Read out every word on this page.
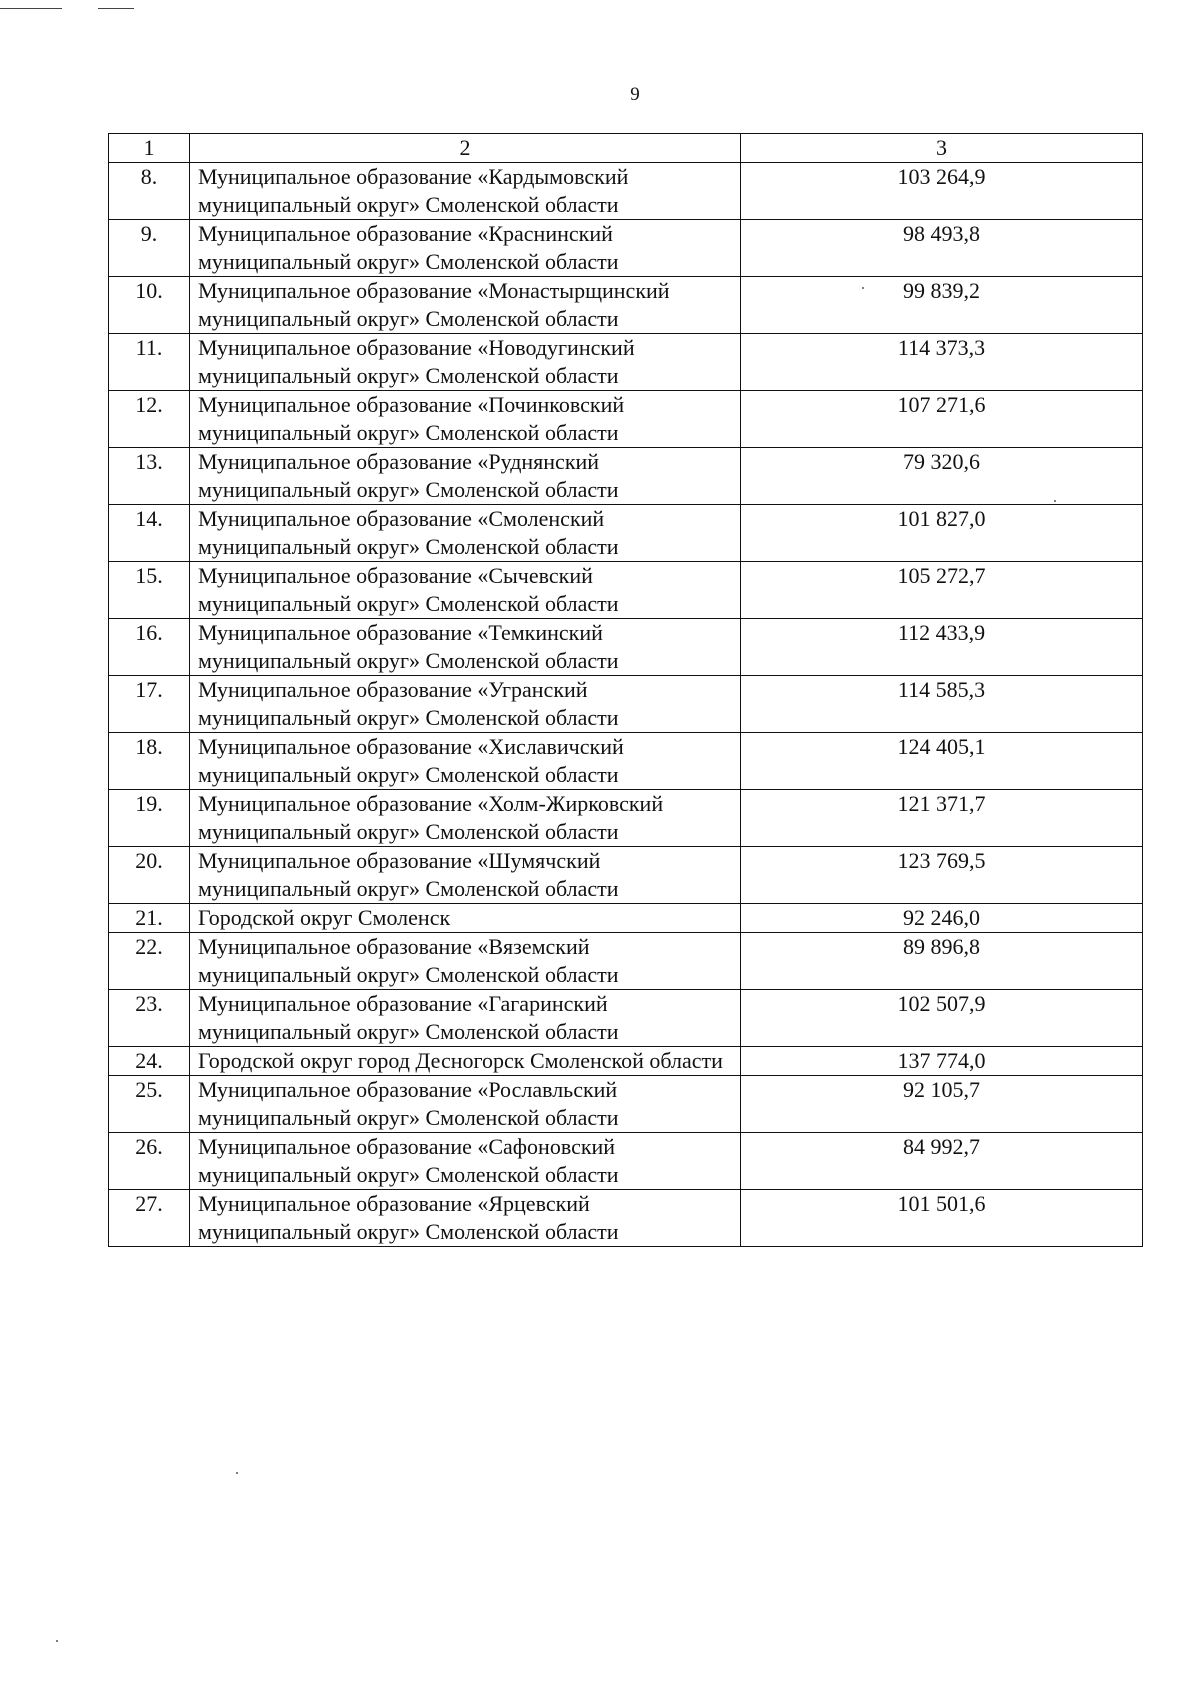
9
1	2	3
8.	Муниципальное образование «Кардымовский муниципальный округ» Смоленской области	103 264,9
9.	Муниципальное образование «Краснинский муниципальный округ» Смоленской области	98 493,8
10.	Муниципальное образование «Монастырщинский муниципальный округ» Смоленской области	99 839,2
11.	Муниципальное образование «Новодугинский муниципальный округ» Смоленской области	114 373,3
12.	Муниципальное образование «Починковский муниципальный округ» Смоленской области	107 271,6
13.	Муниципальное образование «Руднянский муниципальный округ» Смоленской области	79 320,6
14.	Муниципальное образование «Смоленский муниципальный округ» Смоленской области	101 827,0
15.	Муниципальное образование «Сычевский муниципальный округ» Смоленской области	105 272,7
16.	Муниципальное образование «Темкинский муниципальный округ» Смоленской области	112 433,9
17.	Муниципальное образование «Угранский муниципальный округ» Смоленской области	114 585,3
18.	Муниципальное образование «Хиславичский муниципальный округ» Смоленской области	124 405,1
19.	Муниципальное образование «Холм-Жирковский муниципальный округ» Смоленской области	121 371,7
20.	Муниципальное образование «Шумячский муниципальный округ» Смоленской области	123 769,5
21.	Городской округ Смоленск	92 246,0
22.	Муниципальное образование «Вяземский муниципальный округ» Смоленской области	89 896,8
23.	Муниципальное образование «Гагаринский муниципальный округ» Смоленской области	102 507,9
24.	Городской округ город Десногорск Смоленской области	137 774,0
25.	Муниципальное образование «Рославльский муниципальный округ» Смоленской области	92 105,7
26.	Муниципальное образование «Сафоновский муниципальный округ» Смоленской области	84 992,7
27.	Муниципальное образование «Ярцевский муниципальный округ» Смоленской области	101 501,6
